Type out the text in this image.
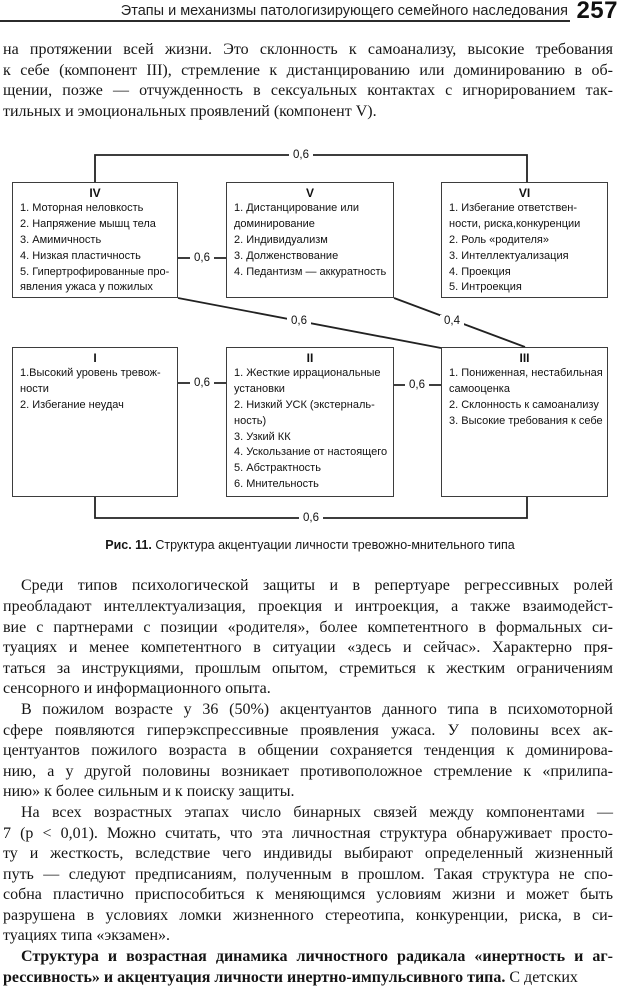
Этапы и механизмы патологизирующего семейного наследования 257
на протяжении всей жизни. Это склонность к самоанализу, высокие требования
к себе (компонент III), стремление к дистанцированию или доминированию в об-
щении, позже — отчужденность в сексуальных контактах с игнорированием так-
тильных и эмоциональных проявлений (компонент V).
Рис. 11. Структура акцентуации личности тревожно-мнительного типа
0,6
0,6
0,6	0,4
0,6	0,6
0,6
IV
1. Моторная неловкость
2. Напряжение мышц тела
3. Амимичность
4. Низкая пластичность
5. Гипертрофированные про-
явления ужаса у пожилых
V
1. Дистанцирование или
доминирование
2. Индивидуализм
3. Долженствование
4. Педантизм — аккуратность
VI
1. Избегание ответствен-
ности, риска,конкуренции
2. Роль «родителя»
3. Интеллектуализация
4. Проекция
5. Интроекция
I
1.Высокий уровень тревож-
ности
2. Избегание неудач
II
1. Жесткие иррациональные
установки
2. Низкий УСК (экстерналь-
ность)
3. Узкий КК
4. Ускользание от настоящего
5. Абстрактность
6. Мнительность
III
1. Пониженная, нестабильная
самооценка
2. Склонность к самоанализу
3. Высокие требования к себе
Среди типов психологической защиты и в репертуаре регрессивных ролей
преобладают интеллектуализация, проекция и интроекция, а также взаимодейст-
вие с партнерами с позиции «родителя», более компетентного в формальных си-
туациях и менее компетентного в ситуации «здесь и сейчас». Характерно пря-
таться за инструкциями, прошлым опытом, стремиться к жестким ограничениям
сенсорного и информационного опыта.
В пожилом возрасте у 36 (50%) акцентуантов данного типа в психомоторной
сфере появляются гиперэкспрессивные проявления ужаса. У половины всех ак-
центуантов пожилого возраста в общении сохраняется тенденция к доминирова-
нию, а у другой половины возникает противоположное стремление к «прилипа-
нию» к более сильным и к поиску защиты.
На всех возрастных этапах число бинарных связей между компонентами —
7 (p < 0,01). Можно считать, что эта личностная структура обнаруживает просто-
ту и жесткость, вследствие чего индивиды выбирают определенный жизненный
путь — следуют предписаниям, полученным в прошлом. Такая структура не спо-
собна пластично приспособиться к меняющимся условиям жизни и может быть
разрушена в условиях ломки жизненного стереотипа, конкуренции, риска, в си-
туациях типа «экзамен».
Структура и возрастная динамика личностного радикала «инертность и аг-
рессивность» и акцентуация личности инертно-импульсивного типа. С детских
